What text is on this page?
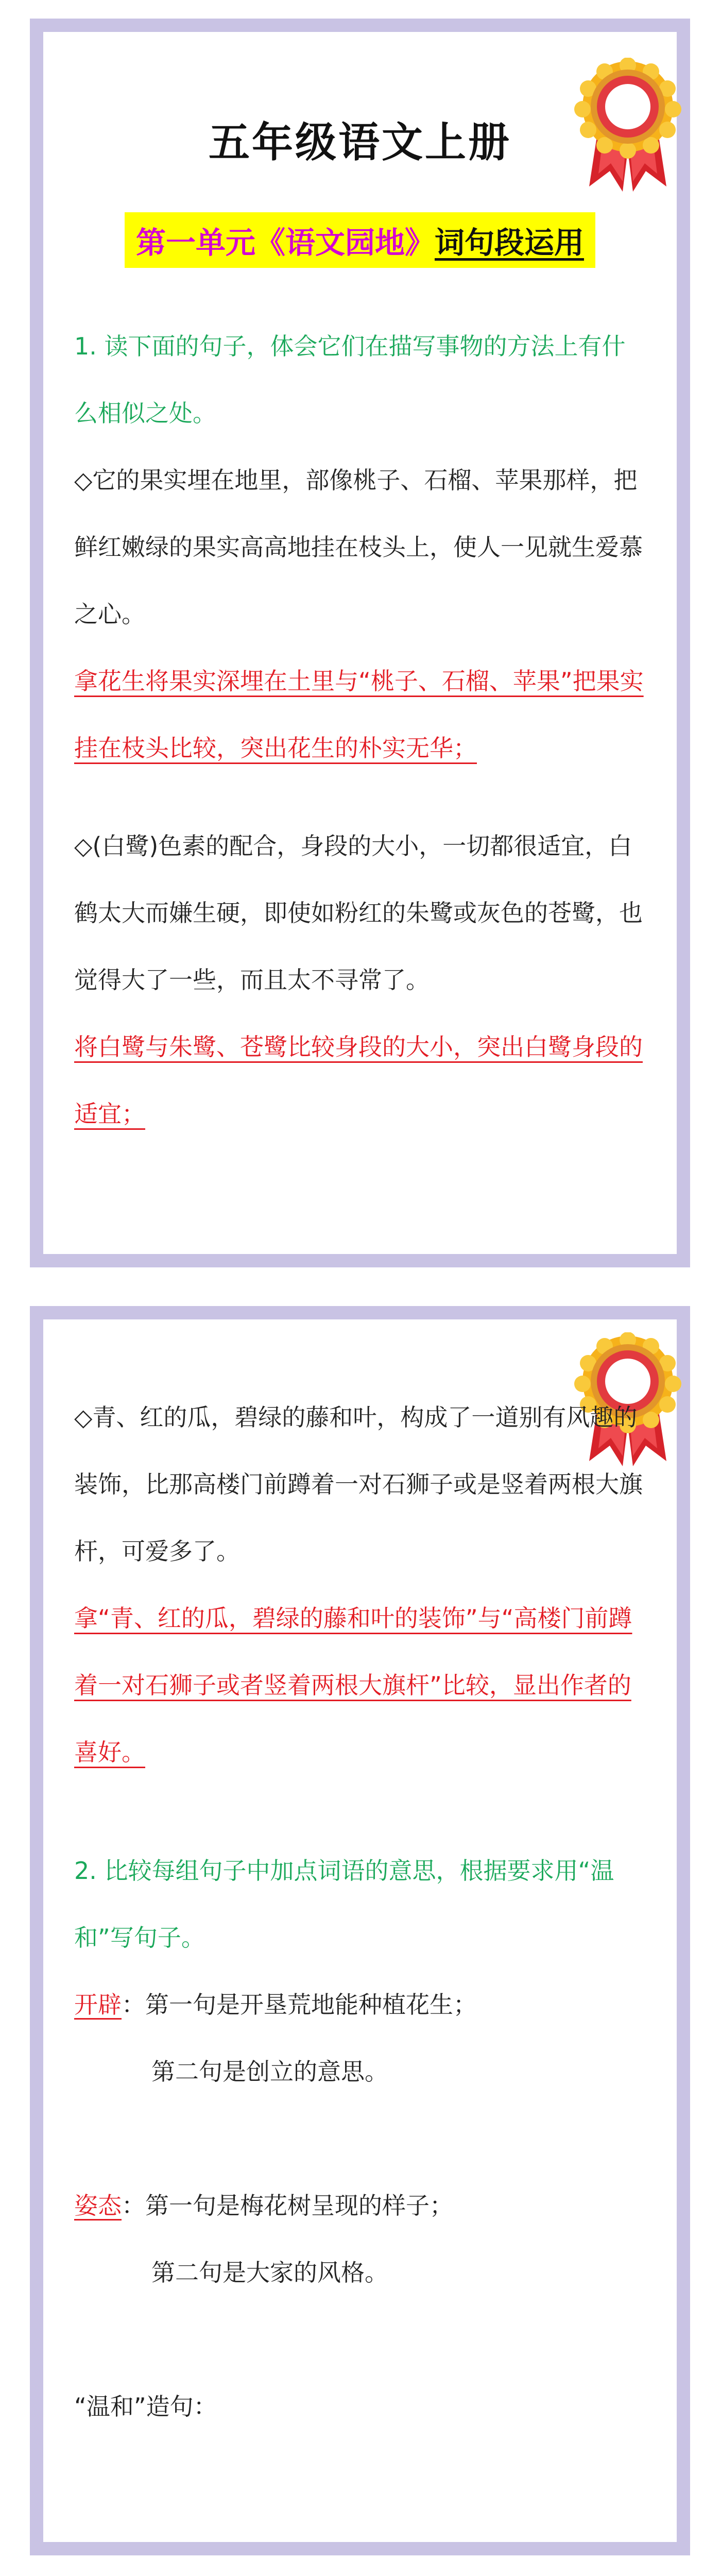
五年级语文上册
第一单元《语文园地》词句段运用

1. 读下面的句子，体会它们在描写事物的方法上有什么相似之处。

◇它的果实埋在地里，部像桃子、石榴、苹果那样，把鲜红嫩绿的果实高高地挂在枝头上，使人一见就生爱慕之心。

拿花生将果实深埋在土里与“桃子、石榴、苹果”把果实挂在枝头比较，突出花生的朴实无华；

◇(白鹭)色素的配合，身段的大小，一切都很适宜，白鹤太大而嫌生硬，即使如粉红的朱鹭或灰色的苍鹭，也觉得大了一些，而且太不寻常了。

将白鹭与朱鹭、苍鹭比较身段的大小，突出白鹭身段的适宜；

◇青、红的瓜，碧绿的藤和叶，构成了一道别有风趣的装饰，比那高楼门前蹲着一对石狮子或是竖着两根大旗杆，可爱多了。

拿“青、红的瓜，碧绿的藤和叶的装饰”与“高楼门前蹲着一对石狮子或者竖着两根大旗杆”比较，显出作者的喜好。

2. 比较每组句子中加点词语的意思，根据要求用“温和”写句子。

开辟：第一句是开垦荒地能种植花生；

第二句是创立的意思。

姿态：第一句是梅花树呈现的样子；

第二句是大家的风格。

“温和”造句：
